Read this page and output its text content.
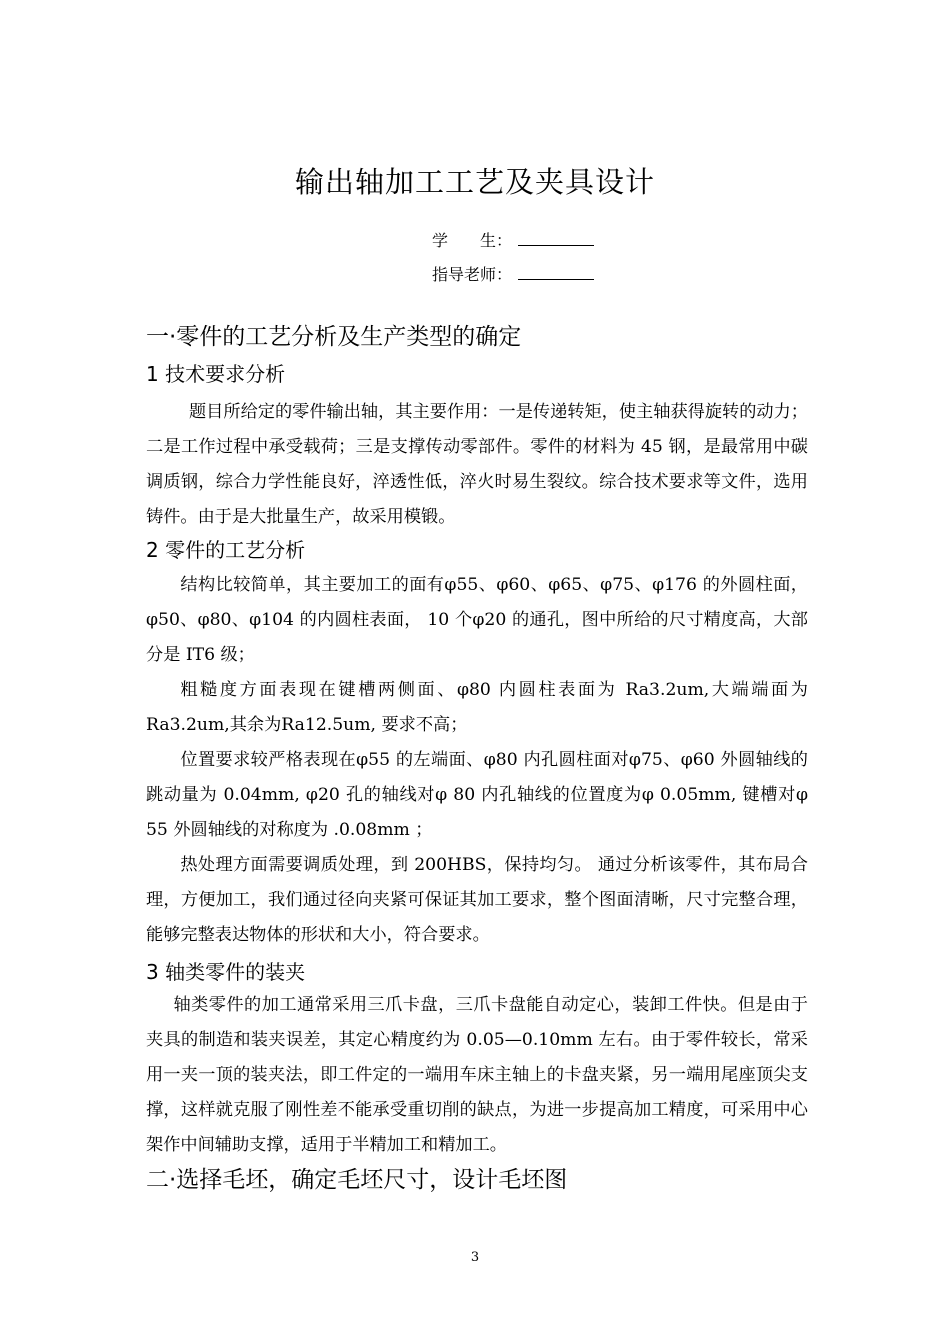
输出轴加工工艺及夹具设计
学　　生：
指导老师：
一·零件的工艺分析及生产类型的确定
1 技术要求分析

　题目所给定的零件输出轴，其主要作用：一是传递转矩，使主轴获得旋转的动力；二是工作过程中承受载荷；三是支撑传动零部件。零件的材料为 45 钢，是最常用中碳调质钢，综合力学性能良好，淬透性低，淬火时易生裂纹。综合技术要求等文件，选用铸件。由于是大批量生产，故采用模锻。

2 零件的工艺分析

结构比较简单，其主要加工的面有φ55、φ60、φ65、φ75、φ176 的外圆柱面，φ50、φ80、φ104 的内圆柱表面， 10 个φ20 的通孔，图中所给的尺寸精度高，大部分是 IT6 级；

粗糙度方面表现在键槽两侧面、φ80 内圆柱表面为 Ra3.2um,大端端面为 Ra3.2um,其余为Ra12.5um, 要求不高；

位置要求较严格表现在φ55 的左端面、φ80 内孔圆柱面对φ75、φ60 外圆轴线的跳动量为 0.04mm, φ20 孔的轴线对φ 80 内孔轴线的位置度为φ 0.05mm, 键槽对φ 55 外圆轴线的对称度为 .0.08mm ；

热处理方面需要调质处理，到 200HBS，保持均匀。 通过分析该零件，其布局合理，方便加工，我们通过径向夹紧可保证其加工要求，整个图面清晰，尺寸完整合理，能够完整表达物体的形状和大小，符合要求。

3 轴类零件的装夹

轴类零件的加工通常采用三爪卡盘，三爪卡盘能自动定心，装卸工件快。但是由于夹具的制造和装夹误差，其定心精度约为 0.05—0.10mm 左右。由于零件较长，常采用一夹一顶的装夹法，即工件定的一端用车床主轴上的卡盘夹紧，另一端用尾座顶尖支撑，这样就克服了刚性差不能承受重切削的缺点，为进一步提高加工精度，可采用中心架作中间辅助支撑，适用于半精加工和精加工。

二·选择毛坯，确定毛坯尺寸，设计毛坯图
3
